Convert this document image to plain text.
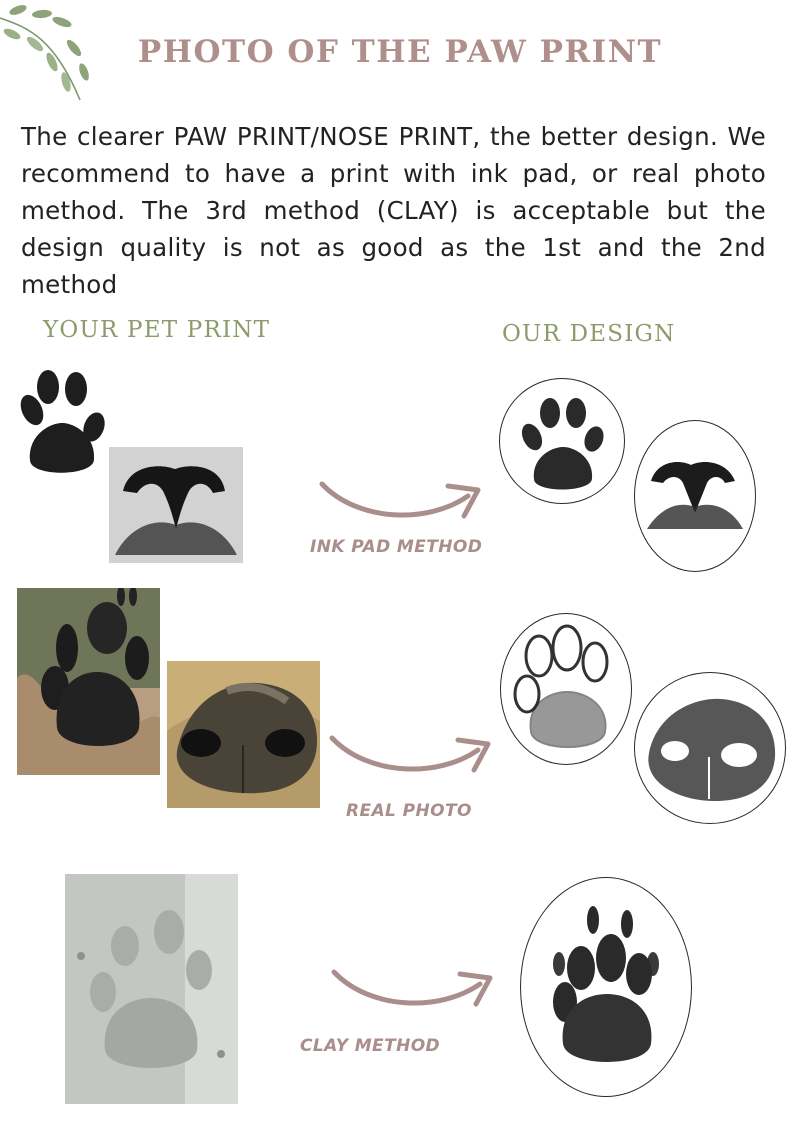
PHOTO OF THE PAW PRINT
The clearer PAW PRINT/NOSE PRINT, the better design. We recommend to have a print with ink pad, or real photo method. The 3rd method (CLAY) is acceptable but the design quality is not as good as the 1st and the 2nd method
YOUR PET PRINT	OUR DESIGN
INK PAD METHOD
REAL PHOTO
CLAY METHOD
